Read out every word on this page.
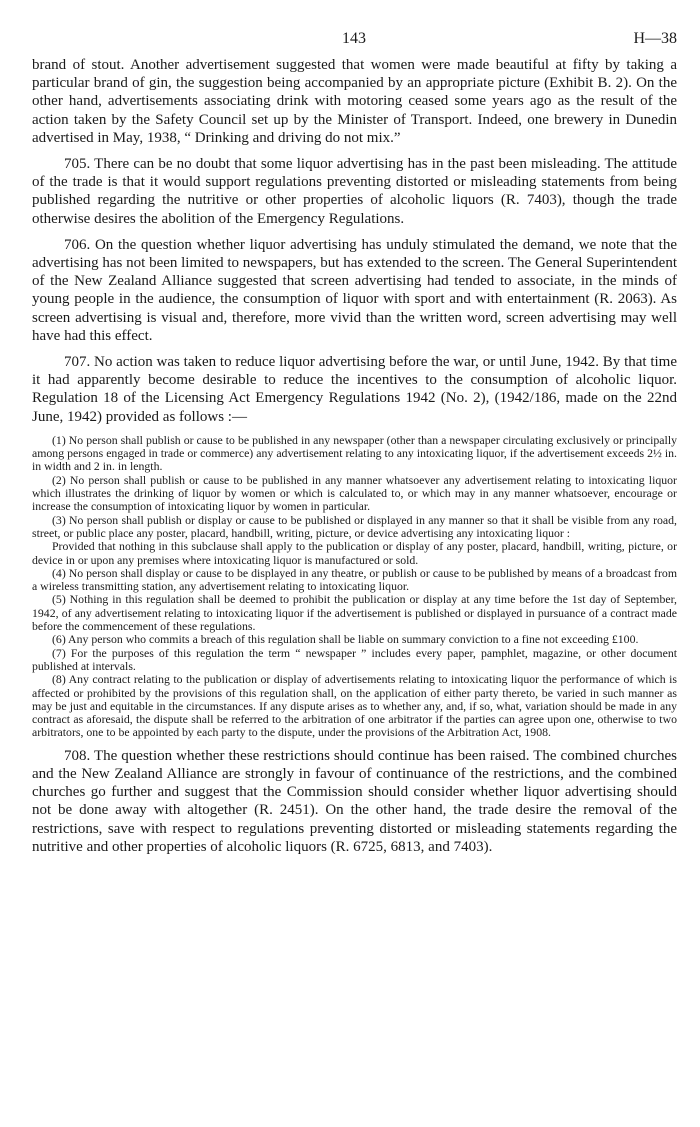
143	H—38

brand of stout. Another advertisement suggested that women were made beautiful at fifty by taking a particular brand of gin, the suggestion being accompanied by an appropriate picture (Exhibit B. 2). On the other hand, advertisements associating drink with motoring ceased some years ago as the result of the action taken by the Safety Council set up by the Minister of Transport. Indeed, one brewery in Dunedin advertised in May, 1938, “ Drinking and driving do not mix.”

705. There can be no doubt that some liquor advertising has in the past been misleading. The attitude of the trade is that it would support regulations preventing distorted or misleading statements from being published regarding the nutritive or other properties of alcoholic liquors (R. 7403), though the trade otherwise desires the abolition of the Emergency Regulations.

706. On the question whether liquor advertising has unduly stimulated the demand, we note that the advertising has not been limited to newspapers, but has extended to the screen. The General Superintendent of the New Zealand Alliance suggested that screen advertising had tended to associate, in the minds of young people in the audience, the consumption of liquor with sport and with entertainment (R. 2063). As screen advertising is visual and, therefore, more vivid than the written word, screen advertising may well have had this effect.

707. No action was taken to reduce liquor advertising before the war, or until June, 1942. By that time it had apparently become desirable to reduce the incentives to the consumption of alcoholic liquor. Regulation 18 of the Licensing Act Emergency Regulations 1942 (No. 2), (1942/186, made on the 22nd June, 1942) provided as follows :—

(1) No person shall publish or cause to be published in any newspaper (other than a newspaper circulating exclusively or principally among persons engaged in trade or commerce) any advertisement relating to any intoxicating liquor, if the advertisement exceeds 2½ in. in width and 2 in. in length.

(2) No person shall publish or cause to be published in any manner whatsoever any advertisement relating to intoxicating liquor which illustrates the drinking of liquor by women or which is calculated to, or which may in any manner whatsoever, encourage or increase the consumption of intoxicating liquor by women in particular.

(3) No person shall publish or display or cause to be published or displayed in any manner so that it shall be visible from any road, street, or public place any poster, placard, handbill, writing, picture, or device advertising any intoxicating liquor :

Provided that nothing in this subclause shall apply to the publication or display of any poster, placard, handbill, writing, picture, or device in or upon any premises where intoxicating liquor is manufactured or sold.

(4) No person shall display or cause to be displayed in any theatre, or publish or cause to be published by means of a broadcast from a wireless transmitting station, any advertisement relating to intoxicating liquor.

(5) Nothing in this regulation shall be deemed to prohibit the publication or display at any time before the 1st day of September, 1942, of any advertisement relating to intoxicating liquor if the advertisement is published or displayed in pursuance of a contract made before the commencement of these regulations.

(6) Any person who commits a breach of this regulation shall be liable on summary conviction to a fine not exceeding £100.

(7) For the purposes of this regulation the term “ newspaper ” includes every paper, pamphlet, magazine, or other document published at intervals.

(8) Any contract relating to the publication or display of advertisements relating to intoxicating liquor the performance of which is affected or prohibited by the provisions of this regulation shall, on the application of either party thereto, be varied in such manner as may be just and equitable in the circumstances. If any dispute arises as to whether any, and, if so, what, variation should be made in any contract as aforesaid, the dispute shall be referred to the arbitration of one arbitrator if the parties can agree upon one, otherwise to two arbitrators, one to be appointed by each party to the dispute, under the provisions of the Arbitration Act, 1908.

708. The question whether these restrictions should continue has been raised. The combined churches and the New Zealand Alliance are strongly in favour of continuance of the restrictions, and the combined churches go further and suggest that the Commission should consider whether liquor advertising should not be done away with altogether (R. 2451). On the other hand, the trade desire the removal of the restrictions, save with respect to regulations preventing distorted or misleading statements regarding the nutritive and other properties of alcoholic liquors (R. 6725, 6813, and 7403).
